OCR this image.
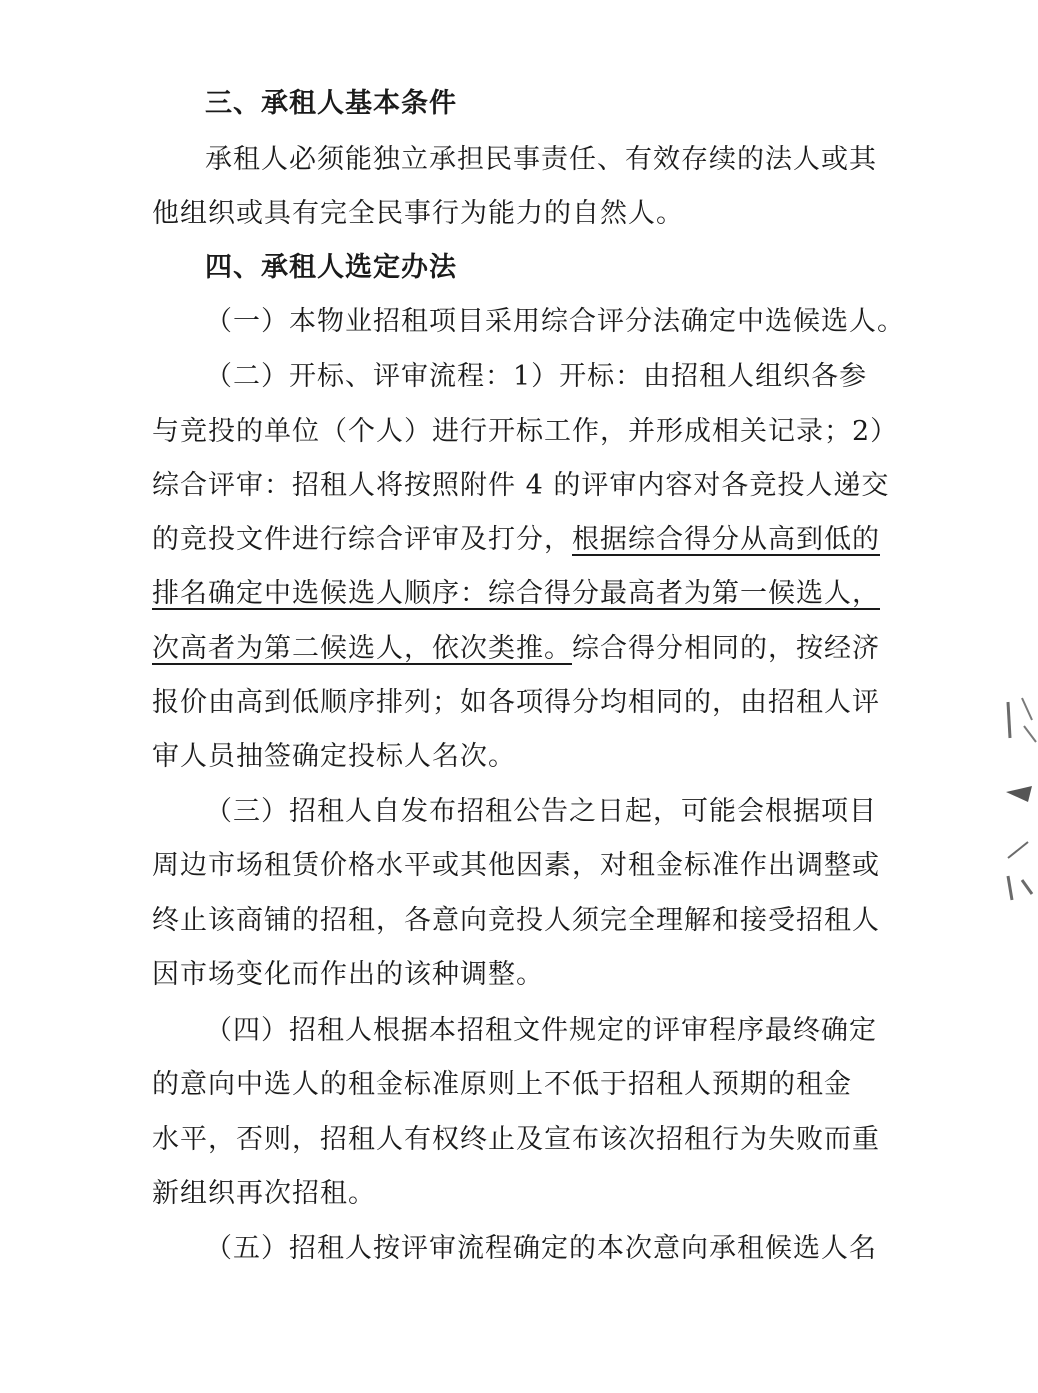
三、承租人基本条件
承租人必须能独立承担民事责任、有效存续的法人或其
他组织或具有完全民事行为能力的自然人。
四、承租人选定办法
（一）本物业招租项目采用综合评分法确定中选候选人。
（二）开标、评审流程：1）开标：由招租人组织各参
与竞投的单位（个人）进行开标工作，并形成相关记录；2）
综合评审：招租人将按照附件 4 的评审内容对各竞投人递交
的竞投文件进行综合评审及打分，根据综合得分从高到低的
排名确定中选候选人顺序：综合得分最高者为第一候选人，
次高者为第二候选人，依次类推。综合得分相同的，按经济
报价由高到低顺序排列；如各项得分均相同的，由招租人评
审人员抽签确定投标人名次。
（三）招租人自发布招租公告之日起，可能会根据项目
周边市场租赁价格水平或其他因素，对租金标准作出调整或
终止该商铺的招租，各意向竞投人须完全理解和接受招租人
因市场变化而作出的该种调整。
（四）招租人根据本招租文件规定的评审程序最终确定
的意向中选人的租金标准原则上不低于招租人预期的租金
水平，否则，招租人有权终止及宣布该次招租行为失败而重
新组织再次招租。
（五）招租人按评审流程确定的本次意向承租候选人名
